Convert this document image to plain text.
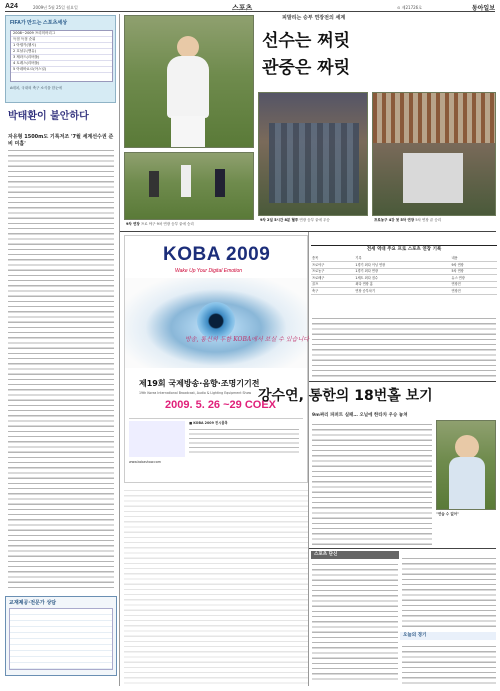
A24	2009년 5월 25일 월요일	스포츠	⊙ 제21726호	동아일보
FIFA가 만드는 스포츠세상
2008~2009 프리미어리그
득점 득점 순위
1 아넬카(첼시)
2 호날두(맨유)
3 제라드(리버풀)
4 토레스(리버풀)
5 아데바요르(아스널)
A매치, 국내외 축구 소식을 한눈에
박태환이 불안하다
자유형 1500m도 기록저조 '7월 세계선수권 준비 미흡'
피말리는 승부 연장전의 세계
선수는 쩌릿
관중은 짜릿
9차 연장 프로 야구 9차 연장 승부 끝에 승리
9차 2일 5시간 8분 혈투 연장 승부 끝에 우승	프로농구 4강 첫 5차 연장 5차 연장 끝 승리
KOBA 2009
Wake Up Your Digital Emotion
방송, 통신의 두함 KOBA에서 보실 수 있습니다
제19회 국제방송·음향·조명기기전
19th Korea International Broadcast, Audio & Lighting Equipment Show
2009. 5. 26 ~29 COEX
■ KOBA 2009 전시품목
www.kobashow.com
전세 역대 주요 프로 스포츠 연장 기록
종목	기록	내용
프로야구	1경기 최다 이닝 연장	9차 연장
프로농구	1경기 최다 연장	5차 연장
프로배구	1세트 최다 점수	듀스 연장
골프	최다 연장 홀	연장전
축구	연장 승부차기	연장전
강수연, 통한의 18번홀 보기
9m짜리 파퍼트 실패… 오닐에 한타차 우승 놓쳐
"연습 수 없어"
스포츠 단신
오늘의 경기
교재제공·전문가 상담
